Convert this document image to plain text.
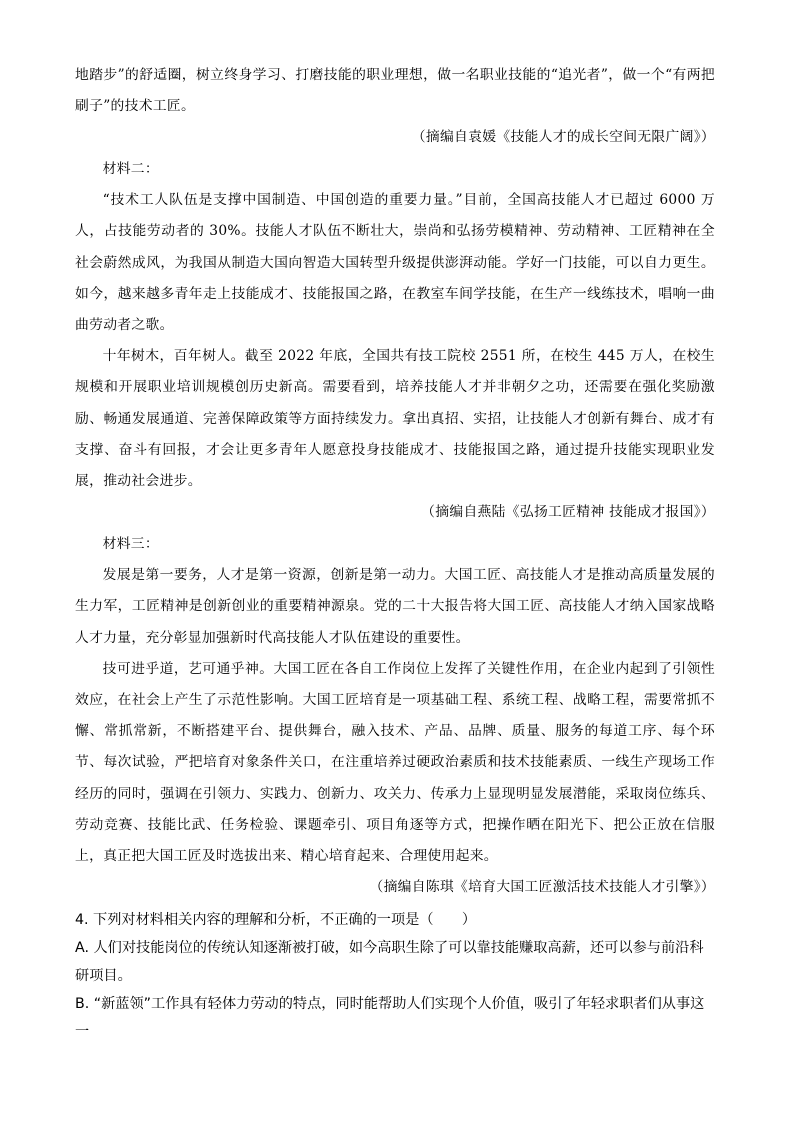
地踏步”的舒适圈，树立终身学习、打磨技能的职业理想，做一名职业技能的“追光者”，做一个“有两把刷子”的技术工匠。

（摘编自袁媛《技能人才的成长空间无限广阔》）

材料二：

“技术工人队伍是支撑中国制造、中国创造的重要力量。”目前，全国高技能人才已超过 6000 万人，占技能劳动者的 30%。技能人才队伍不断壮大，崇尚和弘扬劳模精神、劳动精神、工匠精神在全社会蔚然成风，为我国从制造大国向智造大国转型升级提供澎湃动能。学好一门技能，可以自力更生。如今，越来越多青年走上技能成才、技能报国之路，在教室车间学技能，在生产一线练技术，唱响一曲曲劳动者之歌。

十年树木，百年树人。截至 2022 年底，全国共有技工院校 2551 所，在校生 445 万人，在校生规模和开展职业培训规模创历史新高。需要看到，培养技能人才并非朝夕之功，还需要在强化奖励激励、畅通发展通道、完善保障政策等方面持续发力。拿出真招、实招，让技能人才创新有舞台、成才有支撑、奋斗有回报，才会让更多青年人愿意投身技能成才、技能报国之路，通过提升技能实现职业发展，推动社会进步。

（摘编自燕陆《弘扬工匠精神 技能成才报国》）

材料三：

发展是第一要务，人才是第一资源，创新是第一动力。大国工匠、高技能人才是推动高质量发展的生力军，工匠精神是创新创业的重要精神源泉。党的二十大报告将大国工匠、高技能人才纳入国家战略人才力量，充分彰显加强新时代高技能人才队伍建设的重要性。

技可进乎道，艺可通乎神。大国工匠在各自工作岗位上发挥了关键性作用，在企业内起到了引领性效应，在社会上产生了示范性影响。大国工匠培育是一项基础工程、系统工程、战略工程，需要常抓不懈、常抓常新，不断搭建平台、提供舞台，融入技术、产品、品牌、质量、服务的每道工序、每个环节、每次试验，严把培育对象条件关口，在注重培养过硬政治素质和技术技能素质、一线生产现场工作经历的同时，强调在引领力、实践力、创新力、攻关力、传承力上显现明显发展潜能，采取岗位练兵、劳动竞赛、技能比武、任务检验、课题牵引、项目角逐等方式，把操作晒在阳光下、把公正放在信服上，真正把大国工匠及时选拔出来、精心培育起来、合理使用起来。

（摘编自陈琪《培育大国工匠激活技术技能人才引擎》）

4. 下列对材料相关内容的理解和分析，不正确的一项是（　　）

A. 人们对技能岗位的传统认知逐渐被打破，如今高职生除了可以靠技能赚取高薪，还可以参与前沿科研项目。

B. “新蓝领”工作具有轻体力劳动的特点，同时能帮助人们实现个人价值，吸引了年轻求职者们从事这一
